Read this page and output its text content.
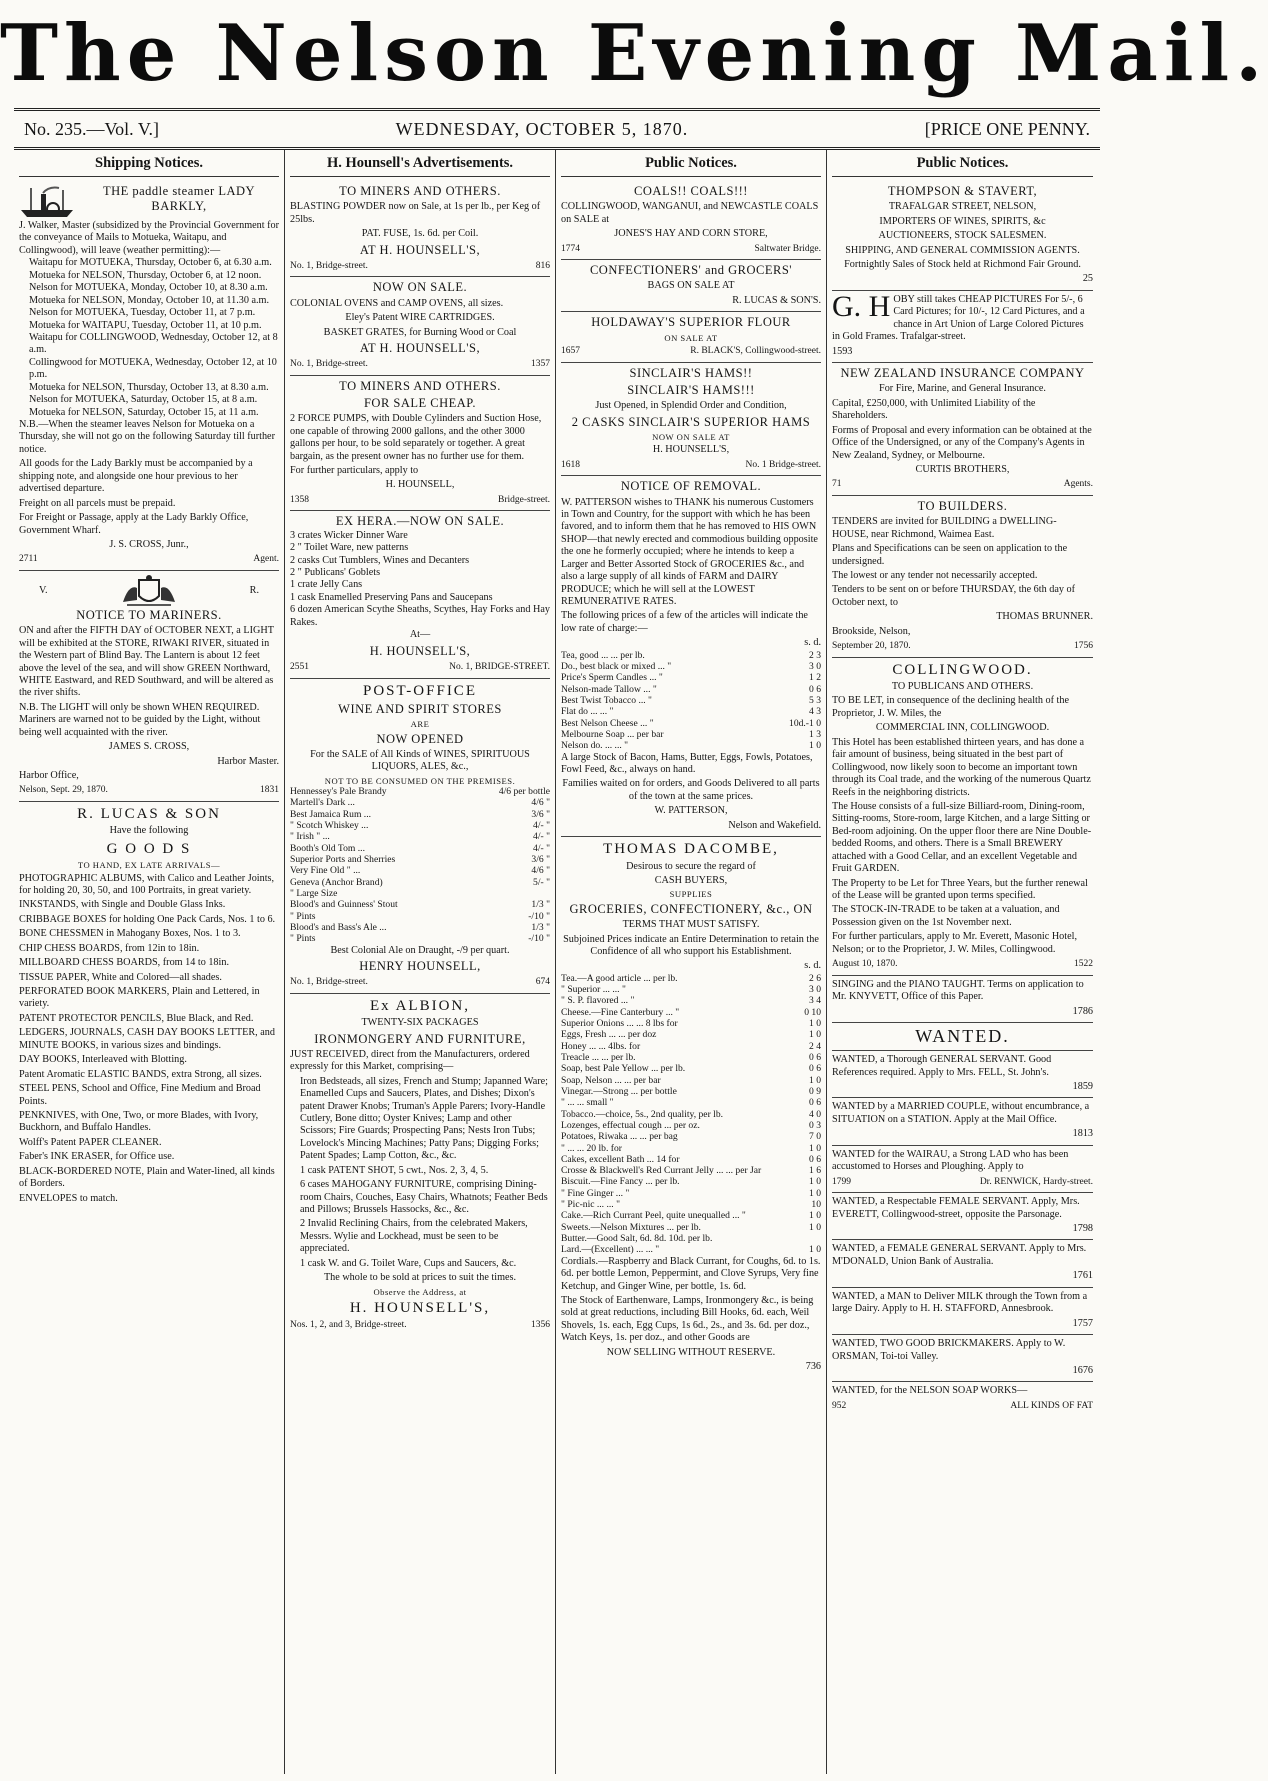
The Nelson Evening Mail.
No. 235.—Vol. V.]	WEDNESDAY, OCTOBER 5, 1870.	[PRICE ONE PENNY.
Shipping Notices.

THE paddle steamer LADY BARKLY,

J. Walker, Master (subsidized by the Provincial Government for the conveyance of Mails to Motueka, Waitapu, and Collingwood), will leave (weather permitting):—

Waitapu for MOTUEKA, Thursday, October 6, at 6.30 a.m.
Motueka for NELSON, Thursday, October 6, at 12 noon.
Nelson for MOTUEKA, Monday, October 10, at 8.30 a.m.
Motueka for NELSON, Monday, October 10, at 11.30 a.m.
Nelson for MOTUEKA, Tuesday, October 11, at 7 p.m.
Motueka for WAITAPU, Tuesday, October 11, at 10 p.m.
Waitapu for COLLINGWOOD, Wednesday, October 12, at 8 a.m.
Collingwood for MOTUEKA, Wednesday, October 12, at 10 p.m.
Motueka for NELSON, Thursday, October 13, at 8.30 a.m.
Nelson for MOTUEKA, Saturday, October 15, at 8 a.m.
Motueka for NELSON, Saturday, October 15, at 11 a.m.

N.B.—When the steamer leaves Nelson for Motueka on a Thursday, she will not go on the following Saturday till further notice.

All goods for the Lady Barkly must be accompanied by a shipping note, and alongside one hour previous to her advertised departure.

Freight on all parcels must be prepaid.

For Freight or Passage, apply at the Lady Barkly Office, Government Wharf.

J. S. CROSS, Junr.,

2711	Agent.
V.	R.

NOTICE TO MARINERS.

ON and after the FIFTH DAY of OCTOBER NEXT, a LIGHT will be exhibited at the STORE, RIWAKI RIVER, situated in the Western part of Blind Bay. The Lantern is about 12 feet above the level of the sea, and will show GREEN Northward, WHITE Eastward, and RED Southward, and will be altered as the river shifts.

N.B. The LIGHT will only be shown WHEN REQUIRED. Mariners are warned not to be guided by the Light, without being well acquainted with the river.

JAMES S. CROSS,

Harbor Master.

Harbor Office,

Nelson, Sept. 29, 1870.	1831

R. LUCAS & SON

Have the following

G O O D S

TO HAND, EX LATE ARRIVALS—

PHOTOGRAPHIC ALBUMS, with Calico and Leather Joints, for holding 20, 30, 50, and 100 Portraits, in great variety.

INKSTANDS, with Single and Double Glass Inks.

CRIBBAGE BOXES for holding One Pack Cards, Nos. 1 to 6.

BONE CHESSMEN in Mahogany Boxes, Nos. 1 to 3.

CHIP CHESS BOARDS, from 12in to 18in.

MILLBOARD CHESS BOARDS, from 14 to 18in.

TISSUE PAPER, White and Colored—all shades.

PERFORATED BOOK MARKERS, Plain and Lettered, in variety.

PATENT PROTECTOR PENCILS, Blue Black, and Red.

LEDGERS, JOURNALS, CASH DAY BOOKS LETTER, and MINUTE BOOKS, in various sizes and bindings.

DAY BOOKS, Interleaved with Blotting.

Patent Aromatic ELASTIC BANDS, extra Strong, all sizes.

STEEL PENS, School and Office, Fine Medium and Broad Points.

PENKNIVES, with One, Two, or more Blades, with Ivory, Buckhorn, and Buffalo Handles.

Wolff's Patent PAPER CLEANER.

Faber's INK ERASER, for Office use.

BLACK-BORDERED NOTE, Plain and Water-lined, all kinds of Borders.

ENVELOPES to match.

H. Hounsell's Advertisements.

TO MINERS AND OTHERS.

BLASTING POWDER now on Sale, at 1s per lb., per Keg of 25lbs.

PAT. FUSE, 1s. 6d. per Coil.

AT H. HOUNSELL'S,

No. 1, Bridge-street.	816

NOW ON SALE.

COLONIAL OVENS and CAMP OVENS, all sizes.

Eley's Patent WIRE CARTRIDGES.

BASKET GRATES, for Burning Wood or Coal

AT H. HOUNSELL'S,

No. 1, Bridge-street.	1357

TO MINERS AND OTHERS.

FOR SALE CHEAP.

2 FORCE PUMPS, with Double Cylinders and Suction Hose, one capable of throwing 2000 gallons, and the other 3000 gallons per hour, to be sold separately or together. A great bargain, as the present owner has no further use for them.

For further particulars, apply to

H. HOUNSELL,

1358	Bridge-street.

EX HERA.—NOW ON SALE.

3 crates Wicker Dinner Ware
2 " Toilet Ware, new patterns
2 casks Cut Tumblers, Wines and Decanters
2 " Publicans' Goblets
1 crate Jelly Cans
1 cask Enamelled Preserving Pans and Saucepans
6 dozen American Scythe Sheaths, Scythes, Hay Forks and Hay Rakes.

At—

H. HOUNSELL'S,

2551	No. 1, BRIDGE-STREET.

POST-OFFICE

WINE AND SPIRIT STORES

ARE

NOW OPENED

For the SALE of All Kinds of WINES, SPIRITUOUS LIQUORS, ALES, &c.,

NOT TO BE CONSUMED ON THE PREMISES.

Hennessey's Pale Brandy	4/6 per bottle
Martell's Dark ...	4/6 "
Best Jamaica Rum ...	3/6 "
" Scotch Whiskey ...	4/- "
" Irish " ...	4/- "
Booth's Old Tom ...	4/- "
Superior Ports and Sherries	3/6 "
Very Fine Old " ...	4/6 "
Geneva (Anchor Brand)	5/- "
" Large Size	
Blood's and Guinness' Stout	1/3 "
" Pints	-/10 "
Blood's and Bass's Ale ...	1/3 "
" Pints	-/10 "

Best Colonial Ale on Draught, -/9 per quart.

HENRY HOUNSELL,

No. 1, Bridge-street.	674

Ex ALBION,

TWENTY-SIX PACKAGES

IRONMONGERY AND FURNITURE,

JUST RECEIVED, direct from the Manufacturers, ordered expressly for this Market, comprising—

Iron Bedsteads, all sizes, French and Stump; Japanned Ware; Enamelled Cups and Saucers, Plates, and Dishes; Dixon's patent Drawer Knobs; Truman's Apple Parers; Ivory-Handle Cutlery, Bone ditto; Oyster Knives; Lamp and other Scissors; Fire Guards; Prospecting Pans; Nests Iron Tubs; Lovelock's Mincing Machines; Patty Pans; Digging Forks; Patent Spades; Lamp Cotton, &c., &c.

1 cask PATENT SHOT, 5 cwt., Nos. 2, 3, 4, 5.

6 cases MAHOGANY FURNITURE, comprising Dining-room Chairs, Couches, Easy Chairs, Whatnots; Feather Beds and Pillows; Brussels Hassocks, &c., &c.

2 Invalid Reclining Chairs, from the celebrated Makers, Messrs. Wylie and Lockhead, must be seen to be appreciated.

1 cask W. and G. Toilet Ware, Cups and Saucers, &c.

The whole to be sold at prices to suit the times.

Observe the Address, at

H. HOUNSELL'S,

Nos. 1, 2, and 3, Bridge-street.	1356
Public Notices.

COALS!! COALS!!!

COLLINGWOOD, WANGANUI, and NEWCASTLE COALS on SALE at

JONES'S HAY AND CORN STORE,

1774	Saltwater Bridge.

CONFECTIONERS' and GROCERS'

BAGS ON SALE AT

R. LUCAS & SON'S.

HOLDAWAY'S SUPERIOR FLOUR

ON SALE AT

1657	R. BLACK'S, Collingwood-street.

SINCLAIR'S HAMS!!

SINCLAIR'S HAMS!!!

Just Opened, in Splendid Order and Condition,

2 CASKS SINCLAIR'S SUPERIOR HAMS

NOW ON SALE AT

H. HOUNSELL'S,

1618	No. 1 Bridge-street.

NOTICE OF REMOVAL.

W. PATTERSON wishes to THANK his numerous Customers in Town and Country, for the support with which he has been favored, and to inform them that he has removed to HIS OWN SHOP—that newly erected and commodious building opposite the one he formerly occupied; where he intends to keep a Larger and Better Assorted Stock of GROCERIES &c., and also a large supply of all kinds of FARM and DAIRY PRODUCE; which he will sell at the LOWEST REMUNERATIVE RATES.

The following prices of a few of the articles will indicate the low rate of charge:—

s. d.

Tea, good ... ... per lb.	2 3
Do., best black or mixed ... "	3 0
Price's Sperm Candles ... "	1 2
Nelson-made Tallow ... "	0 6
Best Twist Tobacco ... "	5 3
Flat do ... ... "	4 3
Best Nelson Cheese ... "	10d.-1 0
Melbourne Soap ... per bar	1 3
Nelson do. ... ... "	1 0

A large Stock of Bacon, Hams, Butter, Eggs, Fowls, Potatoes, Fowl Feed, &c., always on hand.

Families waited on for orders, and Goods Delivered to all parts of the town at the same prices.

W. PATTERSON,

Nelson and Wakefield.

THOMAS DACOMBE,

Desirous to secure the regard of

CASH BUYERS,

SUPPLIES

GROCERIES, CONFECTIONERY, &c., ON

TERMS THAT MUST SATISFY.

Subjoined Prices indicate an Entire Determination to retain the Confidence of all who support his Establishment.

s. d.

Tea.—A good article ... per lb.	2 6
" Superior ... ... "	3 0
" S. P. flavored ... "	3 4
Cheese.—Fine Canterbury ... "	0 10
Superior Onions ... ... 8 lbs for	1 0
Eggs, Fresh ... ... per doz	1 0
Honey ... ... 4lbs. for	2 4
Treacle ... ... per lb.	0 6
Soap, best Pale Yellow ... per lb.	0 6
Soap, Nelson ... ... per bar	1 0
Vinegar.—Strong ... per bottle	0 9
" ... ... small "	0 6
Tobacco.—choice, 5s., 2nd quality, per lb.	4 0
Lozenges, effectual cough ... per oz.	0 3
Potatoes, Riwaka ... ... per bag	7 0
" ... ... 20 lb. for	1 0
Cakes, excellent Bath ... 14 for	0 6
Crosse & Blackwell's Red Currant Jelly ... ... per Jar	1 6
Biscuit.—Fine Fancy ... per lb.	1 0
" Fine Ginger ... "	1 0
" Pic-nic ... ... "	10
Cake.—Rich Currant Peel, quite unequalled ... "	1 0
Sweets.—Nelson Mixtures ... per lb.	1 0
Butter.—Good Salt, 6d. 8d. 10d. per lb.	
Lard.—(Excellent) ... ... "	1 0

Cordials.—Raspberry and Black Currant, for Coughs, 6d. to 1s. 6d. per bottle Lemon, Peppermint, and Clove Syrups, Very fine Ketchup, and Ginger Wine, per bottle, 1s. 6d.

The Stock of Earthenware, Lamps, Ironmongery &c., is being sold at great reductions, including Bill Hooks, 6d. each, Weil Shovels, 1s. each, Egg Cups, 1s 6d., 2s., and 3s. 6d. per doz., Watch Keys, 1s. per doz., and other Goods are

NOW SELLING WITHOUT RESERVE.

736

Public Notices.

THOMPSON & STAVERT,

TRAFALGAR STREET, NELSON,

IMPORTERS OF WINES, SPIRITS, &c

AUCTIONEERS, STOCK SALESMEN.

SHIPPING, AND GENERAL COMMISSION AGENTS.

Fortnightly Sales of Stock held at Richmond Fair Ground.

25

G. H OBY still takes CHEAP PICTURES For 5/-, 6 Card Pictures; for 10/-, 12 Card Pictures, and a chance in Art Union of Large Colored Pictures in Gold Frames. Trafalgar-street.

1593

NEW ZEALAND INSURANCE COMPANY

For Fire, Marine, and General Insurance.

Capital, £250,000, with Unlimited Liability of the Shareholders.

Forms of Proposal and every information can be obtained at the Office of the Undersigned, or any of the Company's Agents in New Zealand, Sydney, or Melbourne.

CURTIS BROTHERS,

71	Agents.

TO BUILDERS.

TENDERS are invited for BUILDING a DWELLING-HOUSE, near Richmond, Waimea East.

Plans and Specifications can be seen on application to the undersigned.

The lowest or any tender not necessarily accepted.

Tenders to be sent on or before THURSDAY, the 6th day of October next, to

THOMAS BRUNNER.

Brookside, Nelson,

September 20, 1870.	1756

COLLINGWOOD.

TO PUBLICANS AND OTHERS.

TO BE LET, in consequence of the declining health of the Proprietor, J. W. Miles, the

COMMERCIAL INN, COLLINGWOOD.

This Hotel has been established thirteen years, and has done a fair amount of business, being situated in the best part of Collingwood, now likely soon to become an important town through its Coal trade, and the working of the numerous Quartz Reefs in the neighboring districts.

The House consists of a full-size Billiard-room, Dining-room, Sitting-rooms, Store-room, large Kitchen, and a large Sitting or Bed-room adjoining. On the upper floor there are Nine Double-bedded Rooms, and others. There is a Small BREWERY attached with a Good Cellar, and an excellent Vegetable and Fruit GARDEN.

The Property to be Let for Three Years, but the further renewal of the Lease will be granted upon terms specified.

The STOCK-IN-TRADE to be taken at a valuation, and Possession given on the 1st November next.

For further particulars, apply to Mr. Everett, Masonic Hotel, Nelson; or to the Proprietor, J. W. Miles, Collingwood.

August 10, 1870.	1522

SINGING and the PIANO TAUGHT. Terms on application to Mr. KNYVETT, Office of this Paper.

1786

WANTED.

WANTED, a Thorough GENERAL SERVANT. Good References required. Apply to Mrs. FELL, St. John's.

1859

WANTED by a MARRIED COUPLE, without encumbrance, a SITUATION on a STATION. Apply at the Mail Office.

1813

WANTED for the WAIRAU, a Strong LAD who has been accustomed to Horses and Ploughing. Apply to

1799	Dr. RENWICK, Hardy-street.

WANTED, a Respectable FEMALE SERVANT. Apply, Mrs. EVERETT, Collingwood-street, opposite the Parsonage.

1798

WANTED, a FEMALE GENERAL SERVANT. Apply to Mrs. M'DONALD, Union Bank of Australia.

1761

WANTED, a MAN to Deliver MILK through the Town from a large Dairy. Apply to H. H. STAFFORD, Annesbrook.

1757

WANTED, TWO GOOD BRICKMAKERS. Apply to W. ORSMAN, Toi-toi Valley.

1676

WANTED, for the NELSON SOAP WORKS—

952	ALL KINDS OF FAT
